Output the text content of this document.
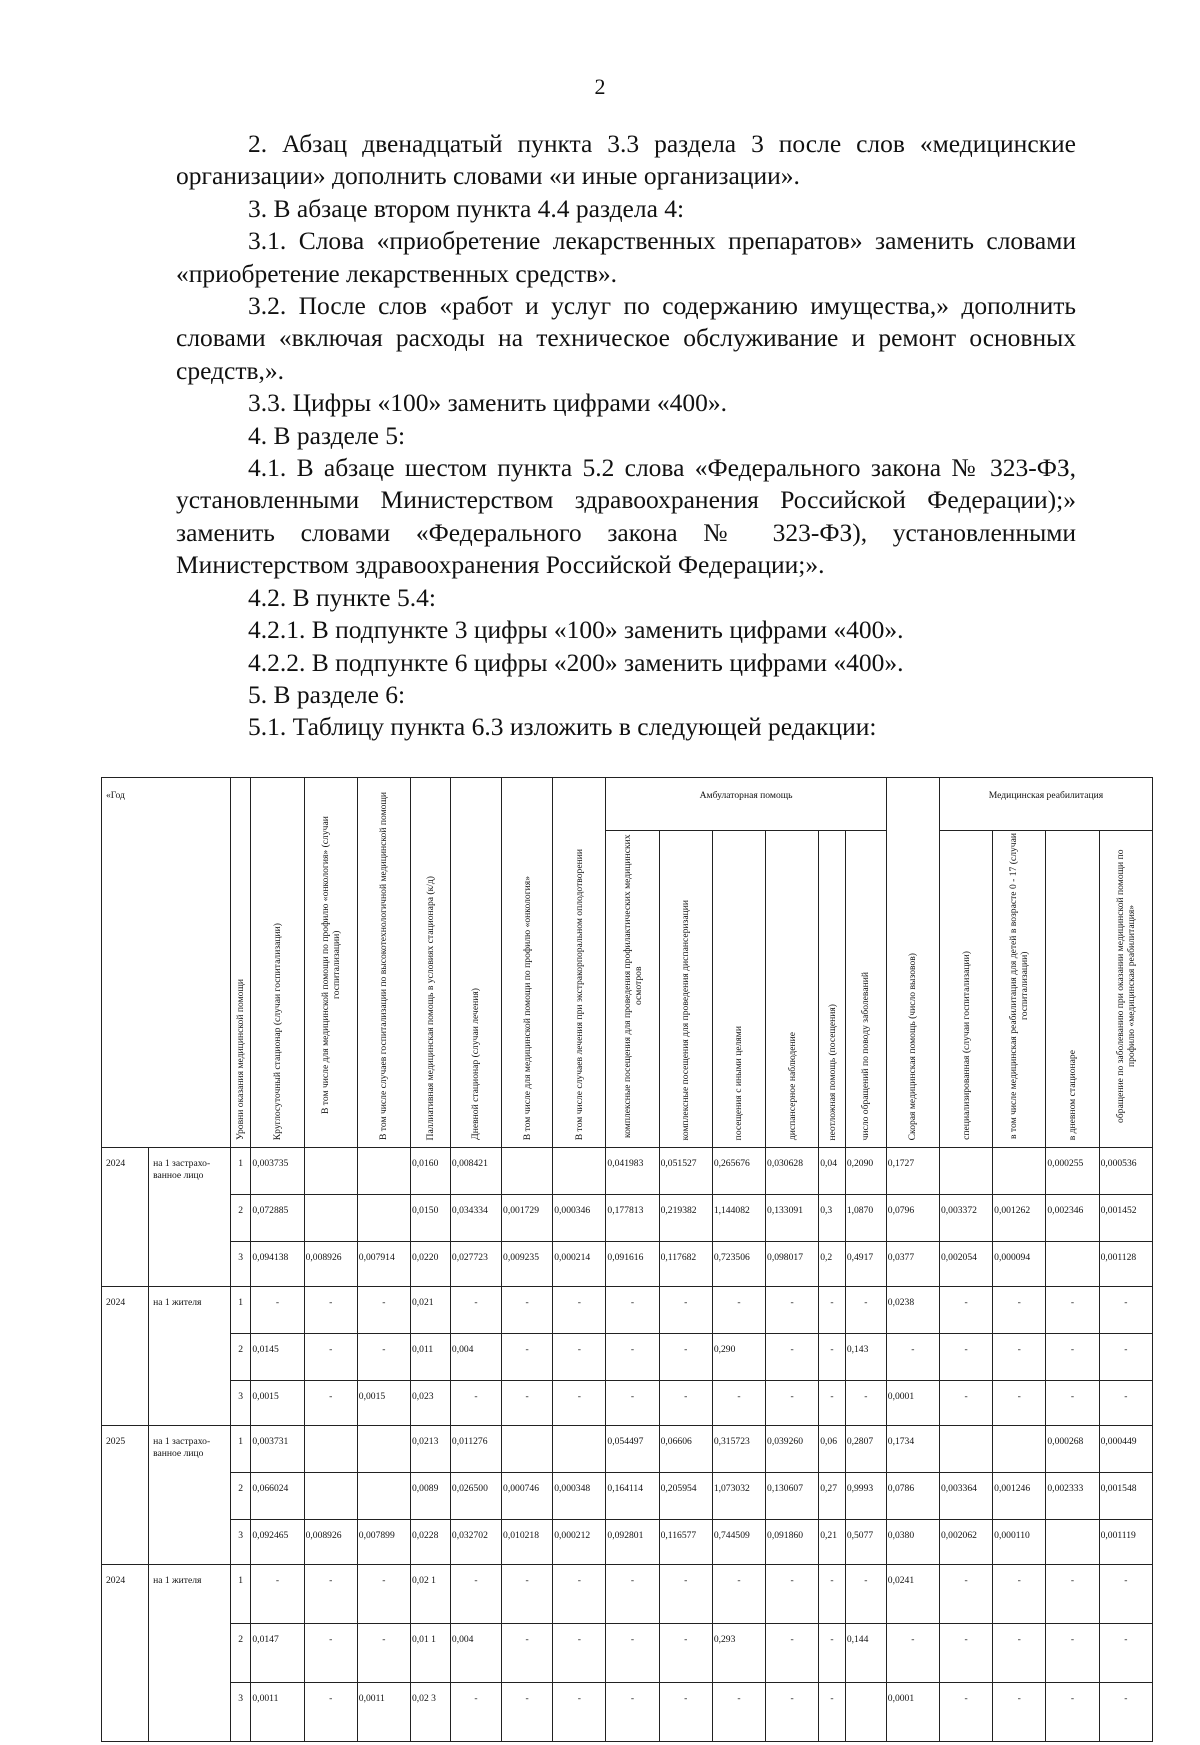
2

2. Абзац двенадцатый пункта 3.3 раздела 3 после слов «медицинские организации» дополнить словами «и иные организации».

3. В абзаце втором пункта 4.4 раздела 4:

3.1. Слова «приобретение лекарственных препаратов» заменить словами «приобретение лекарственных средств».

3.2. После слов «работ и услуг по содержанию имущества,» дополнить словами «включая расходы на техническое обслуживание и ремонт основных средств,».

3.3. Цифры «100» заменить цифрами «400».

4. В разделе 5:

4.1. В абзаце шестом пункта 5.2 слова «Федерального закона № 323-ФЗ, установленными Министерством здравоохранения Российской Федерации);» заменить словами «Федерального закона № 323-ФЗ), установленными Министерством здравоохранения Российской Федерации;».

4.2. В пункте 5.4:

4.2.1. В подпункте 3 цифры «100» заменить цифрами «400».

4.2.2. В подпункте 6 цифры «200» заменить цифрами «400».

5. В разделе 6:

5.1. Таблицу пункта 6.3 изложить в следующей редакции:

«Год		Уровни оказания медицинской помощи	Круглосуточный стационар (случаи госпитализации)	В том числе для медицинской помощи по профилю «онкология» (случаи госпитализации)	В том числе случаев госпитализации по высокотехнологичной медицинской помощи	Паллиативная медицинская помощь в условиях стационара (к/д)	Дневной стационар (случаи лечения)	В том числе для медицинской помощи по профилю «онкология»	В том числе случаев лечения при экстракорпоральном оплодотворении	Амбулаторная помощь						Скорая медицинская помощь (число вызовов)	Медицинская реабилитация			
										комплексные посещения для проведения профилактических медицинских осмотров	комплексные посещения для проведения диспансеризации	посещения с иными целями	диспансерное наблюдение	неотложная помощь (посещения)	число обращений по поводу заболеваний		специализированная (случаи госпитализации)	в том числе медицинская реабилитация для детей в возрасте 0 - 17 (случаи госпитализации)	в дневном стационаре	обращение по заболеванию при оказании медицинской помощи по профилю «медицинская реабилитация»
2024	на 1 застрахо-ванное лицо	1	0,003735			0,0160	0,008421			0,041983	0,051527	0,265676	0,030628	0,04	0,2090	0,1727			0,000255	0,000536
		2	0,072885			0,0150	0,034334	0,001729	0,000346	0,177813	0,219382	1,144082	0,133091	0,3	1,0870	0,0796	0,003372	0,001262	0,002346	0,001452
		3	0,094138	0,008926	0,007914	0,0220	0,027723	0,009235	0,000214	0,091616	0,117682	0,723506	0,098017	0,2	0,4917	0,0377	0,002054	0,000094		0,001128
2024	на 1 жителя	1	-	-	-	0,021	-	-	-	-	-	-	-	-	-	0,0238	-	-	-	-
		2	0,0145	-	-	0,011	0,004	-	-	-	-	0,290	-	-	0,143	-	-	-	-	-
		3	0,0015	-	0,0015	0,023	-	-	-	-	-	-	-	-	-	0,0001	-	-	-	-
2025	на 1 застрахо-ванное лицо	1	0,003731			0,0213	0,011276			0,054497	0,06606	0,315723	0,039260	0,06	0,2807	0,1734			0,000268	0,000449
		2	0,066024			0,0089	0,026500	0,000746	0,000348	0,164114	0,205954	1,073032	0,130607	0,27	0,9993	0,0786	0,003364	0,001246	0,002333	0,001548
		3	0,092465	0,008926	0,007899	0,0228	0,032702	0,010218	0,000212	0,092801	0,116577	0,744509	0,091860	0,21	0,5077	0,0380	0,002062	0,000110		0,001119
2024	на 1 жителя	1	-	-	-	0,02 1	-	-	-	-	-	-	-	-	-	0,0241	-	-	-	-
		2	0,0147	-	-	0,01 1	0,004	-	-	-	-	0,293	-	-	0,144	-	-	-	-	-
		3	0,0011	-	0,0011	0,02 3	-	-	-	-	-	-	-	-		0,0001	-	-	-	-
